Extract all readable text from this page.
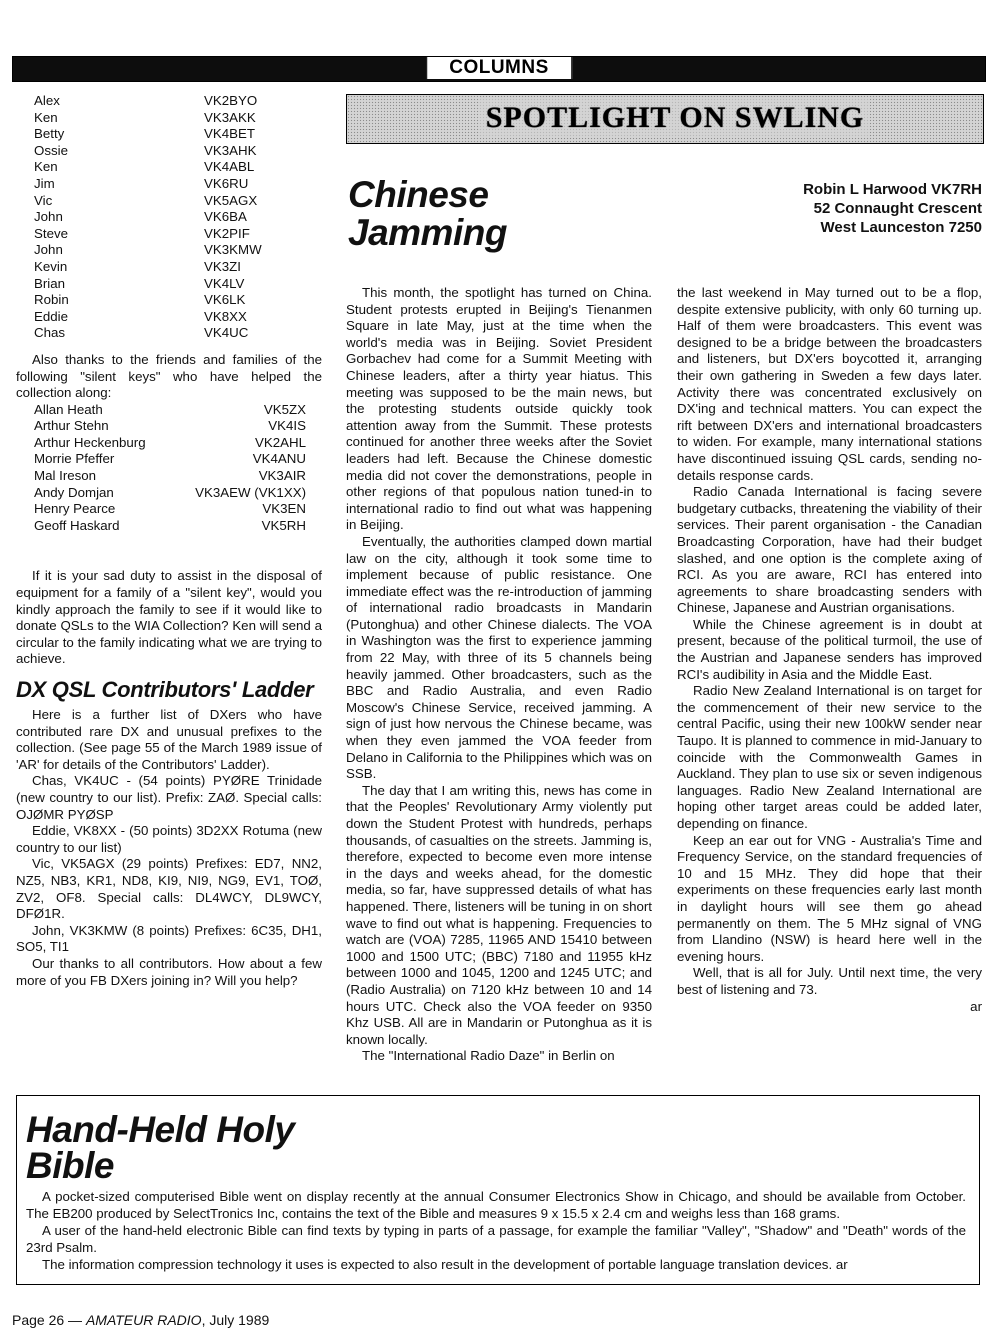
COLUMNS
Alex	VK2BYO
Ken	VK3AKK
Betty	VK4BET
Ossie	VK3AHK
Ken	VK4ABL
Jim	VK6RU
Vic	VK5AGX
John	VK6BA
Steve	VK2PIF
John	VK3KMW
Kevin	VK3ZI
Brian	VK4LV
Robin	VK6LK
Eddie	VK8XX
Chas	VK4UC

Also thanks to the friends and families of the following "silent keys" who have helped the collection along:

Allan Heath	VK5ZX
Arthur Stehn	VK4IS
Arthur Heckenburg	VK2AHL
Morrie Pfeffer	VK4ANU
Mal Ireson	VK3AIR
Andy Domjan	VK3AEW (VK1XX)
Henry Pearce	VK3EN
Geoff Haskard	VK5RH

If it is your sad duty to assist in the disposal of equipment for a family of a "silent key", would you kindly approach the family to see if it would like to donate QSLs to the WIA Collection? Ken will send a circular to the family indicating what we are trying to achieve.

DX QSL Contributors' Ladder

Here is a further list of DXers who have contributed rare DX and unusual prefixes to the collection. (See page 55 of the March 1989 issue of 'AR' for details of the Contributors' Ladder).

Chas, VK4UC - (54 points) PYØRE Trinidade (new country to our list). Prefix: ZAØ. Special calls: OJØMR PYØSP

Eddie, VK8XX - (50 points) 3D2XX Rotuma (new country to our list)

Vic, VK5AGX (29 points) Prefixes: ED7, NN2, NZ5, NB3, KR1, ND8, KI9, NI9, NG9, EV1, TOØ, ZV2, OF8. Special calls: DL4WCY, DL9WCY, DFØ1R.

John, VK3KMW (8 points) Prefixes: 6C35, DH1, SO5, TI1

Our thanks to all contributors. How about a few more of you FB DXers joining in? Will you help?

SPOTLIGHT ON SWLING
Chinese
Jamming
Robin L Harwood VK7RH
52 Connaught Crescent
West Launceston 7250

This month, the spotlight has turned on China. Student protests erupted in Beijing's Tienanmen Square in late May, just at the time when the world's media was in Beijing. Soviet President Gorbachev had come for a Summit Meeting with Chinese leaders, after a thirty year hiatus. This meeting was supposed to be the main news, but the protesting students outside quickly took attention away from the Summit. These protests continued for another three weeks after the Soviet leaders had left. Because the Chinese domestic media did not cover the demonstrations, people in other regions of that populous nation tuned-in to international radio to find out what was happening in Beijing.

Eventually, the authorities clamped down martial law on the city, although it took some time to implement because of public resistance. One immediate effect was the re-introduction of jamming of international radio broadcasts in Mandarin (Putonghua) and other Chinese dialects. The VOA in Washington was the first to experience jamming from 22 May, with three of its 5 channels being heavily jammed. Other broadcasters, such as the BBC and Radio Australia, and even Radio Moscow's Chinese Service, received jamming. A sign of just how nervous the Chinese became, was when they even jammed the VOA feeder from Delano in California to the Philippines which was on SSB.

The day that I am writing this, news has come in that the Peoples' Revolutionary Army violently put down the Student Protest with hundreds, perhaps thousands, of casualties on the streets. Jamming is, therefore, expected to become even more intense in the days and weeks ahead, for the domestic media, so far, have suppressed details of what has happened. There, listeners will be tuning in on short wave to find out what is happening. Frequencies to watch are (VOA) 7285, 11965 AND 15410 between 1000 and 1500 UTC; (BBC) 7180 and 11955 kHz between 1000 and 1045, 1200 and 1245 UTC; and (Radio Australia) on 7120 kHz between 10 and 14 hours UTC. Check also the VOA feeder on 9350 Khz USB. All are in Mandarin or Putonghua as it is known locally.

The "International Radio Daze" in Berlin on

the last weekend in May turned out to be a flop, despite extensive publicity, with only 60 turning up. Half of them were broadcasters. This event was designed to be a bridge between the broadcasters and listeners, but DX'ers boycotted it, arranging their own gathering in Sweden a few days later. Activity there was concentrated exclusively on DX'ing and technical matters. You can expect the rift between DX'ers and international broadcasters to widen. For example, many international stations have discontinued issuing QSL cards, sending no-details response cards.

Radio Canada International is facing severe budgetary cutbacks, threatening the viability of their services. Their parent organisation - the Canadian Broadcasting Corporation, have had their budget slashed, and one option is the complete axing of RCI. As you are aware, RCI has entered into agreements to share broadcasting senders with Chinese, Japanese and Austrian organisations.

While the Chinese agreement is in doubt at present, because of the political turmoil, the use of the Austrian and Japanese senders has improved RCI's audibility in Asia and the Middle East.

Radio New Zealand International is on target for the commencement of their new service to the central Pacific, using their new 100kW sender near Taupo. It is planned to commence in mid-January to coincide with the Commonwealth Games in Auckland. They plan to use six or seven indigenous languages. Radio New Zealand International are hoping other target areas could be added later, depending on finance.

Keep an ear out for VNG - Australia's Time and Frequency Service, on the standard frequencies of 10 and 15 MHz. They did hope that their experiments on these frequencies early last month in daylight hours will see them go ahead permanently on them. The 5 MHz signal of VNG from Llandino (NSW) is heard here well in the evening hours.

Well, that is all for July. Until next time, the very best of listening and 73.

ar

Hand-Held Holy
Bible

A pocket-sized computerised Bible went on display recently at the annual Consumer Electronics Show in Chicago, and should be available from October. The EB200 produced by SelectTronics Inc, contains the text of the Bible and measures 9 x 15.5 x 2.4 cm and weighs less than 168 grams.

A user of the hand-held electronic Bible can find texts by typing in parts of a passage, for example the familiar "Valley", "Shadow" and "Death" words of the 23rd Psalm.

The information compression technology it uses is expected to also result in the development of portable language translation devices. ar

Page 26 — AMATEUR RADIO, July 1989
